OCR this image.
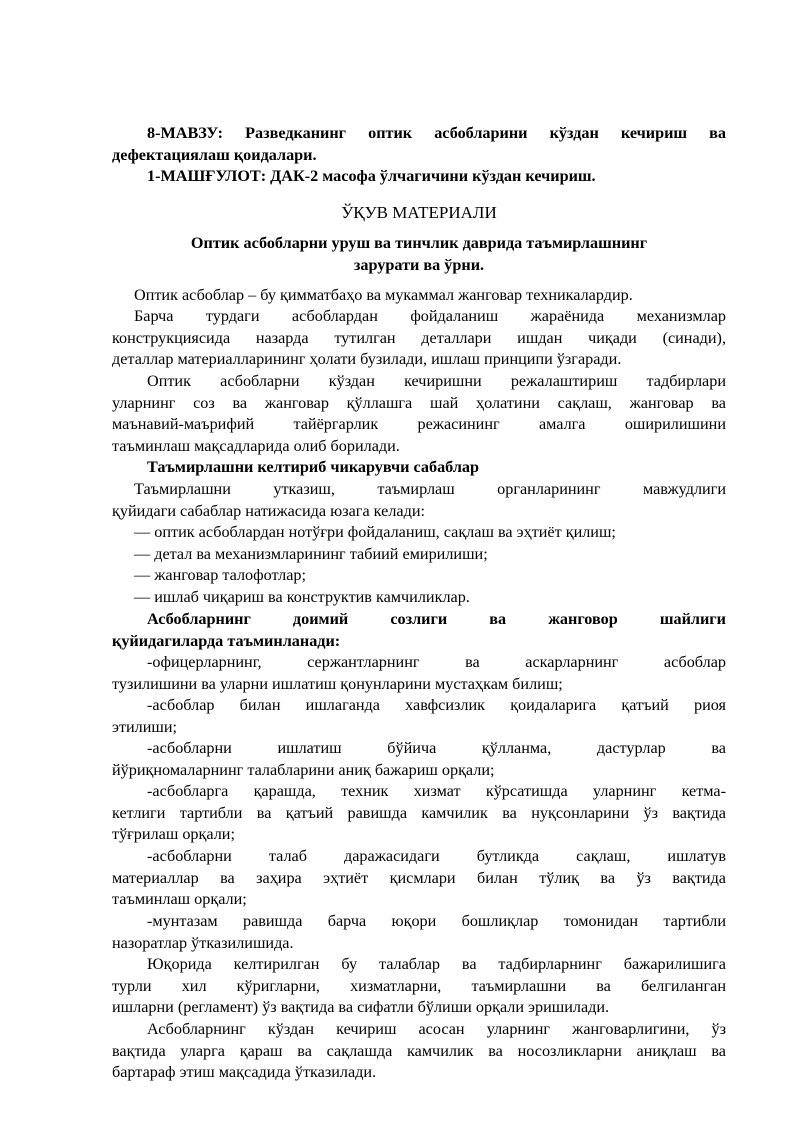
8-МАВЗУ: Разведканинг оптик асбобларини кўздан кечириш ва
дефектациялаш қоидалари.
1-МАШҒУЛОТ: ДАК-2 масофа ўлчагичини кўздан кечириш.
ЎҚУВ МАТЕРИАЛИ
Оптик асбобларни уруш ва тинчлик даврида таъмирлашнинг
зарурати ва ўрни.
Оптик асбоблар – бу қимматбаҳо ва мукаммал жанговар техникалардир.
Барча турдаги асбоблардан фойдаланиш жараёнида механизмлар
конструкциясида назарда тутилган деталлари ишдан чиқади (синади),
деталлар материалларининг ҳолати бузилади, ишлаш принципи ўзгаради.
Оптик асбобларни кўздан кечиришни режалаштириш тадбирлари
уларнинг соз ва жанговар қўллашга шай ҳолатини сақлаш, жанговар ва
маънавий-маърифий тайёргарлик режасининг амалга оширилишини
таъминлаш мақсадларида олиб борилади.
Таъмирлашни келтириб чикарувчи сабаблар
Таъмирлашни утказиш, таъмирлаш органларининг мавжудлиги
қуйидаги сабаблар натижасида юзага келади:
— оптик асбоблардан нотўғри фойдаланиш, сақлаш ва эҳтиёт қилиш;
— детал ва механизмларининг табиий емирилиши;
— жанговар талофотлар;
— ишлаб чиқариш ва конструктив камчиликлар.
Асбобларнинг доимий созлиги ва жанговор шайлиги
қуйидагиларда таъминланади:
-офицерларнинг, сержантларнинг ва аскарларнинг асбоблар
тузилишини ва уларни ишлатиш қонунларини мустаҳкам билиш;
-асбоблар билан ишлаганда хавфсизлик қоидаларига қатъий риоя
этилиши;
-асбобларни ишлатиш бўйича қўлланма, дастурлар ва
йўриқномаларнинг талабларини аниқ бажариш орқали;
-асбобларга қарашда, техник хизмат кўрсатишда уларнинг кетма-
кетлиги тартибли ва қатъий равишда камчилик ва нуқсонларини ўз вақтида
тўғрилаш орқали;
-асбобларни талаб даражасидаги бутликда сақлаш, ишлатув
материаллар ва заҳира эҳтиёт қисмлари билан тўлиқ ва ўз вақтида
таъминлаш орқали;
-мунтазам равишда барча юқори бошлиқлар томонидан тартибли
назоратлар ўтказилишида.
Юқорида келтирилган бу талаблар ва тадбирларнинг бажарилишига
турли хил кўригларни, хизматларни, таъмирлашни ва белгиланган
ишларни (регламент) ўз вақтида ва сифатли бўлиши орқали эришилади.
Асбобларнинг кўздан кечириш асосан уларнинг жанговарлигини, ўз
вақтида уларга қараш ва сақлашда камчилик ва носозликларни аниқлаш ва
бартараф этиш мақсадида ўтказилади.
